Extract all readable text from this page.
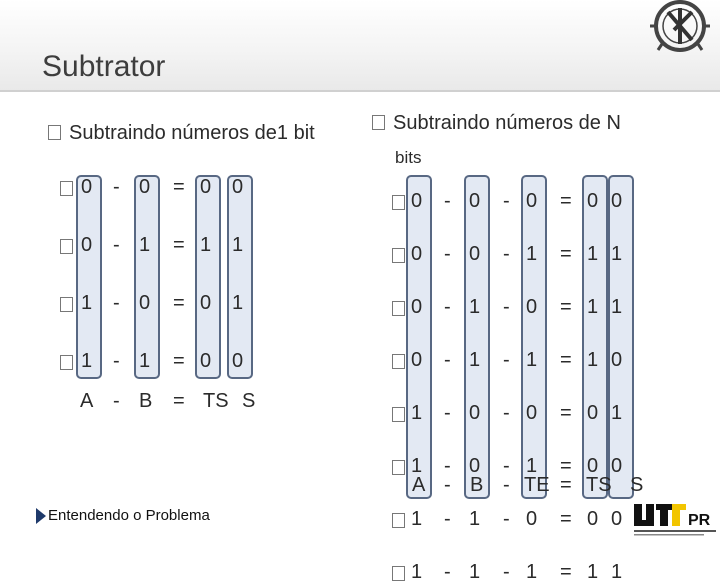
Subtrator
Subtraindo números de1 bit	Subtraindo números de N
bits
0 - 0 = 0 0
0 - 1 = 1 1
1 - 0 = 0 1
1 - 1 = 0 0
0 - 0 - 0 = 0 0
0 - 0 - 1 = 1 1
0 - 1 - 0 = 1 1
0 - 1 - 1 = 1 0
1 - 0 - 0 = 0 1
1 - 0 - 1 = 0 0
1 - 1 - 0 = 0 0
1 - 1 - 1 = 1 1
A - B = TS S
A - B - TE = TS S
Entendendo o Problema	PR
